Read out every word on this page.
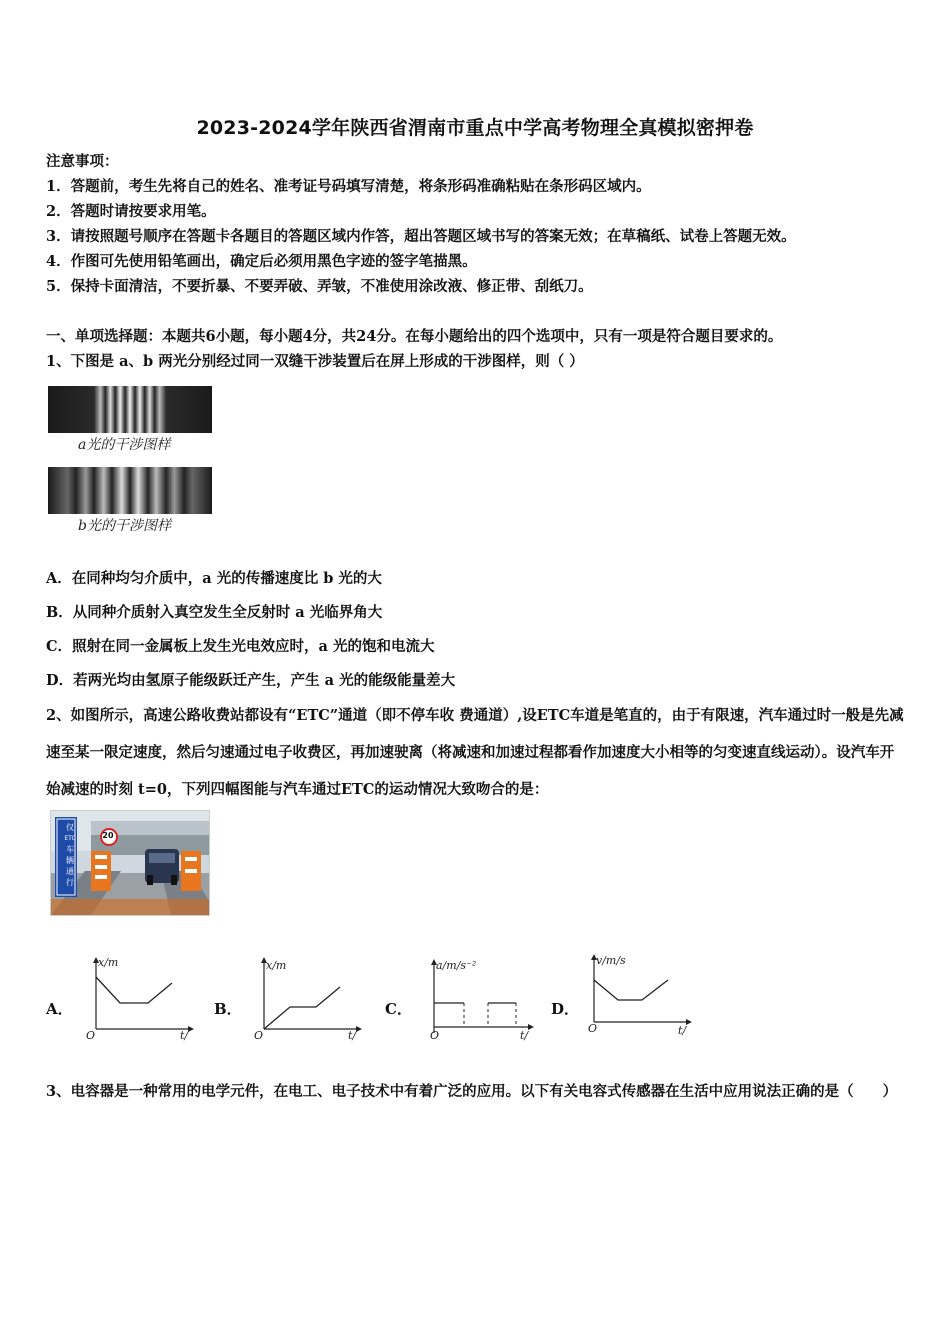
2023-2024学年陕西省渭南市重点中学高考物理全真模拟密押卷
注意事项：
1．答题前，考生先将自己的姓名、准考证号码填写清楚，将条形码准确粘贴在条形码区域内。
2．答题时请按要求用笔。
3．请按照题号顺序在答题卡各题目的答题区域内作答，超出答题区域书写的答案无效；在草稿纸、试卷上答题无效。
4．作图可先使用铅笔画出，确定后必须用黑色字迹的签字笔描黑。
5．保持卡面清洁，不要折暴、不要弄破、弄皱，不准使用涂改液、修正带、刮纸刀。
一、单项选择题：本题共6小题，每小题4分，共24分。在每小题给出的四个选项中，只有一项是符合题目要求的。
1、下图是 a、b 两光分别经过同一双缝干涉装置后在屏上形成的干涉图样，则（ ）
a光的干涉图样
b光的干涉图样
A．在同种均匀介质中，a 光的传播速度比 b 光的大
B．从同种介质射入真空发生全反射时 a 光临界角大
C．照射在同一金属板上发生光电效应时，a 光的饱和电流大
D．若两光均由氢原子能级跃迁产生，产生 a 光的能级能量差大
2、如图所示，高速公路收费站都设有“ETC”通道（即不停车收 费通道）,设ETC车道是笔直的，由于有限速，汽车通过时一般是先减速至某一限定速度，然后匀速通过电子收费区，再加速驶离（将减速和加速过程都看作加速度大小相等的匀变速直线运动）。设汽车开始减速的时刻 t=0，下列四幅图能与汽车通过ETC的运动情况大致吻合的是：
仅
ETC
车
辆
通
行
20
A．	B．	C．	D．
x/m
O	t/
x/m
O	t/
a/m/s⁻²
O	t/
v/m/s
O	t/
3、电容器是一种常用的电学元件，在电工、电子技术中有着广泛的应用。以下有关电容式传感器在生活中应用说法正确的是（　　）
